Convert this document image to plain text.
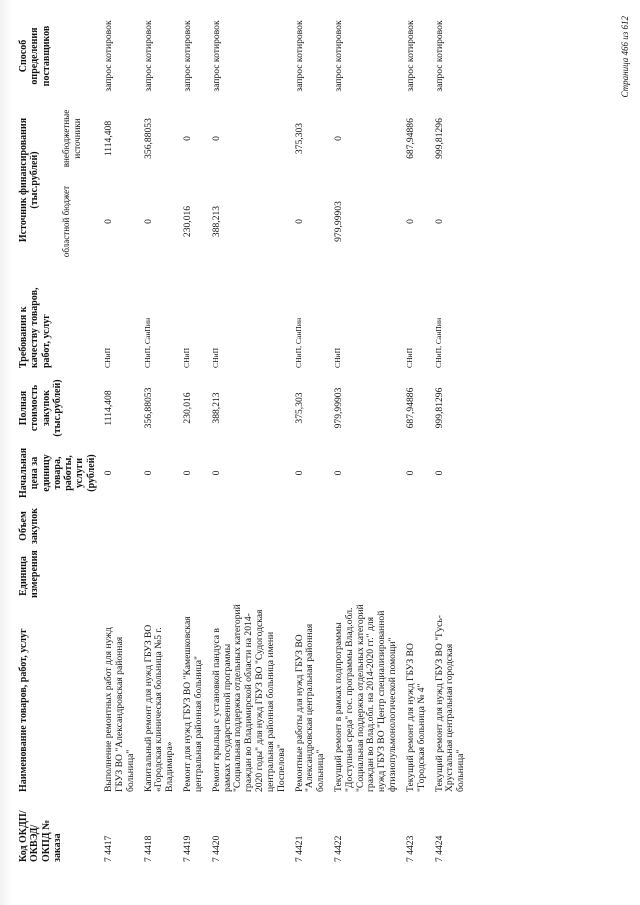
Код ОКДП/ ОКВЭД/ ОКПД № заказа	Наименование товаров, работ, услуг	Единица измерения	Объем закупок	Начальная цена за единицу товара, работы, услуги (рублей)	Полная стоимость закупок (тыс.рублей)	Требования к качеству товаров, работ, услуг	Источник финансирования (тыс.рублей)		Способ определения поставщиков
							областной бюджет	внебюджетные источники	
7 4417	Выполнение ремонтных работ для нужд ГБУЗ ВО "Александровская районная больница"			0	1114,408	СНиП	0	1114,408	запрос котировок
7 4418	Капитальный ремонт для нужд ГБУЗ ВО «Городская клиническая больница №5 г. Владимира»			0	356,88053	СНиП, СанПин	0	356,88053	запрос котировок
7 4419	Ремонт для нужд ГБУЗ ВО "Камешковская центральная районная больница"			0	230,016	СНиП	230,016	0	запрос котировок
7 4420	Ремонт крыльца с установкой пандуса в рамках государственной программы "Социальная поддержка отдельных категорий граждан во Владимирской области на 2014-2020 годы" для нужд ГБУЗ ВО "Судогодская центральная районная больница имени Поспелова"			0	388,213	СНиП	388,213	0	запрос котировок
7 4421	Ремонтные работы для нужд ГБУЗ ВО "Александровская центральная районная больница"			0	375,303	СНиП, СанПин	0	375,303	запрос котировок
7 4422	Текущий ремонт в рамках подпрограммы "Доступная среда" гос. программы Влад.обл. "Социальная поддержка отдельных категорий граждан во Влад.обл. на 2014-2020 гг." для нужд ГБУЗ ВО "Центр специализированной фтизиопульмонологической помощи"			0	979,99903	СНиП	979,99903	0	запрос котировок
7 4423	Текущий ремонт для нужд ГБУЗ ВО "Городская больница № 4"			0	687,94886	СНиП	0	687,94886	запрос котировок
7 4424	Текущий ремонт для нужд ГБУЗ ВО "Гусь-Хрустальная центральная городская больница"			0	999,81296	СНиП, СанПин	0	999,81296	запрос котировок	Страница 466 из 612
